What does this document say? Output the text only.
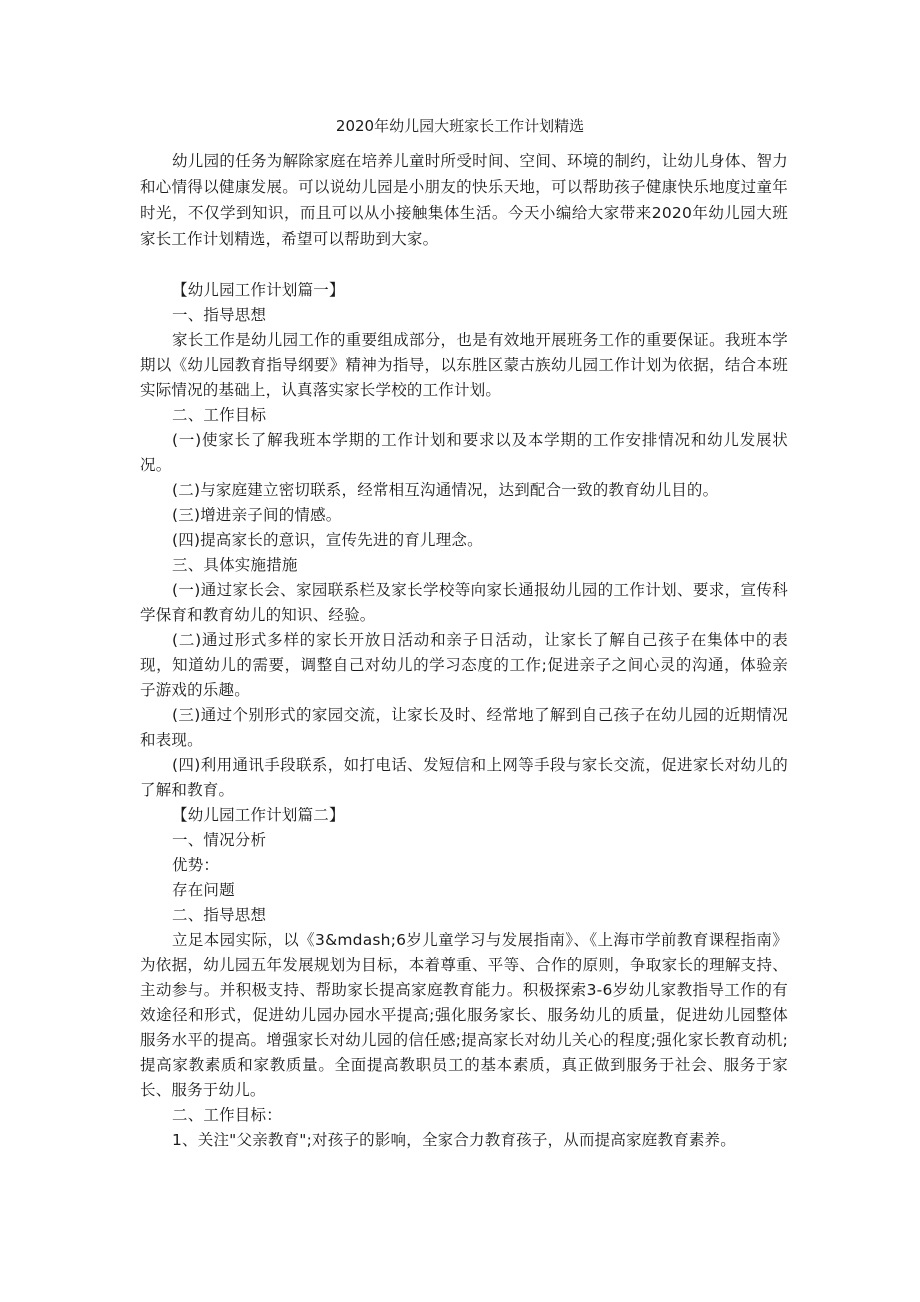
2020年幼儿园大班家长工作计划精选

幼儿园的任务为解除家庭在培养儿童时所受时间、空间、环境的制约，让幼儿身体、智力和心情得以健康发展。可以说幼儿园是小朋友的快乐天地，可以帮助孩子健康快乐地度过童年时光，不仅学到知识，而且可以从小接触集体生活。今天小编给大家带来2020年幼儿园大班家长工作计划精选，希望可以帮助到大家。

【幼儿园工作计划篇一】

一、指导思想

家长工作是幼儿园工作的重要组成部分，也是有效地开展班务工作的重要保证。我班本学期以《幼儿园教育指导纲要》精神为指导，以东胜区蒙古族幼儿园工作计划为依据，结合本班实际情况的基础上，认真落实家长学校的工作计划。

二、工作目标

(一)使家长了解我班本学期的工作计划和要求以及本学期的工作安排情况和幼儿发展状况。

(二)与家庭建立密切联系，经常相互沟通情况，达到配合一致的教育幼儿目的。

(三)增进亲子间的情感。

(四)提高家长的意识，宣传先进的育儿理念。

三、具体实施措施

(一)通过家长会、家园联系栏及家长学校等向家长通报幼儿园的工作计划、要求，宣传科学保育和教育幼儿的知识、经验。

(二)通过形式多样的家长开放日活动和亲子日活动，让家长了解自己孩子在集体中的表现，知道幼儿的需要，调整自己对幼儿的学习态度的工作;促进亲子之间心灵的沟通，体验亲子游戏的乐趣。

(三)通过个别形式的家园交流，让家长及时、经常地了解到自己孩子在幼儿园的近期情况和表现。

(四)利用通讯手段联系，如打电话、发短信和上网等手段与家长交流，促进家长对幼儿的了解和教育。

【幼儿园工作计划篇二】

一、情况分析

优势：

存在问题

二、指导思想

立足本园实际，以《3&mdash;6岁儿童学习与发展指南》、《上海市学前教育课程指南》为依据，幼儿园五年发展规划为目标，本着尊重、平等、合作的原则，争取家长的理解支持、主动参与。并积极支持、帮助家长提高家庭教育能力。积极探索3-6岁幼儿家教指导工作的有效途径和形式，促进幼儿园办园水平提高;强化服务家长、服务幼儿的质量，促进幼儿园整体服务水平的提高。增强家长对幼儿园的信任感;提高家长对幼儿关心的程度;强化家长教育动机;提高家教素质和家教质量。全面提高教职员工的基本素质，真正做到服务于社会、服务于家长、服务于幼儿。

二、工作目标：

1、关注"父亲教育";对孩子的影响，全家合力教育孩子，从而提高家庭教育素养。
